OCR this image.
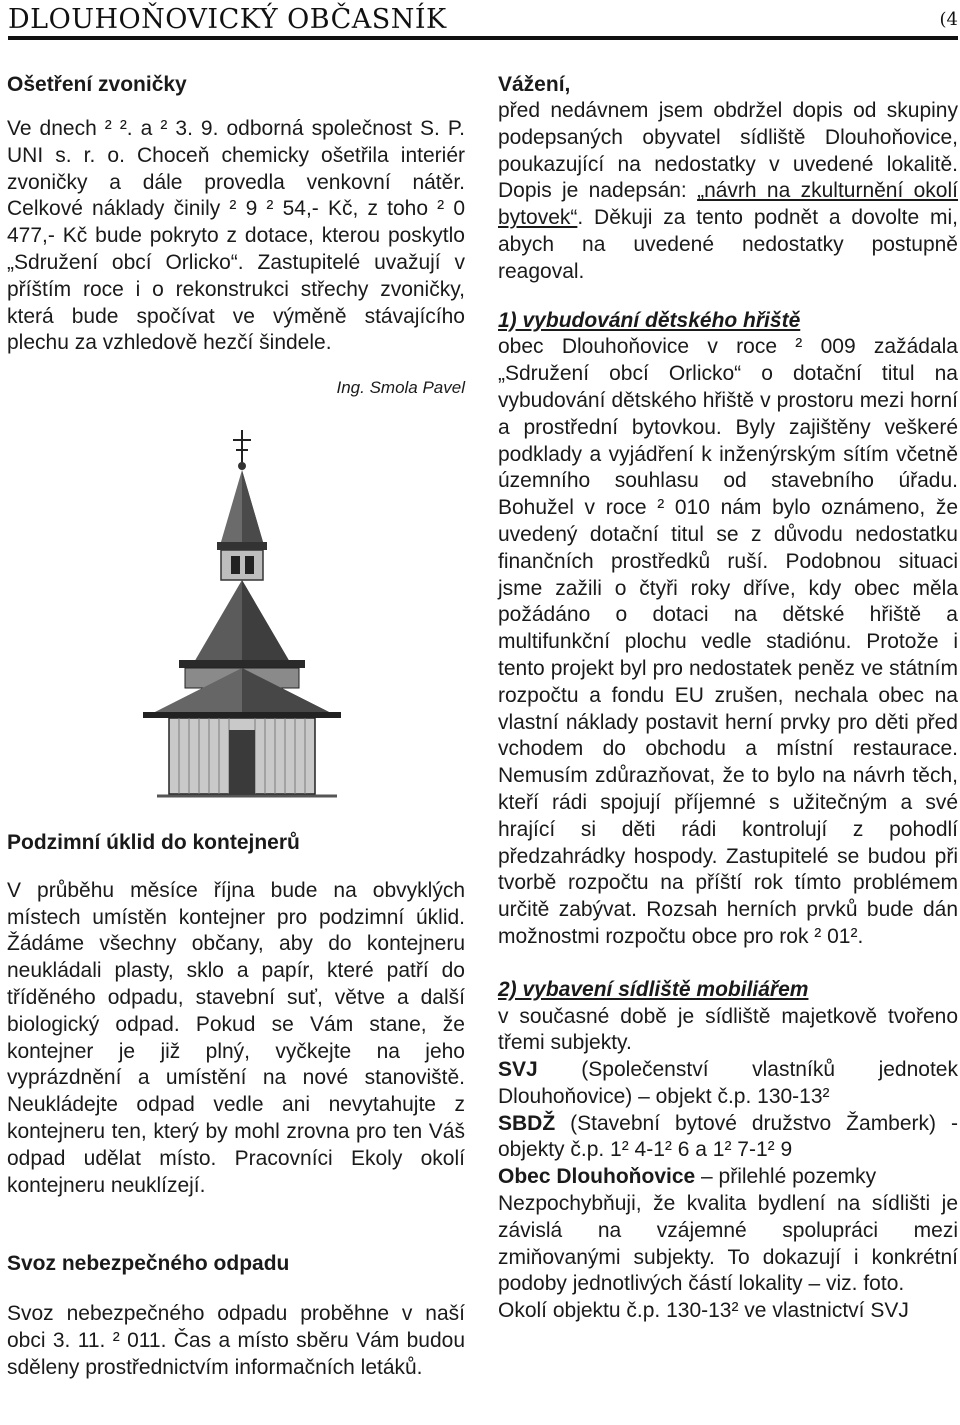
DLOUHOŇOVICKÝ OBČASNÍK	(4
Ošetření zvoničky

Ve dnech ² ². a ² 3. 9. odborná společnost S. P. UNI s. r. o. Choceň chemicky ošetřila interiér zvoničky a dále provedla venkovní nátěr. Celkové náklady činily ² 9 ² 54,- Kč, z toho ² 0 477,- Kč bude pokryto z dotace, kterou poskytlo „Sdružení obcí Orlicko“. Zastupitelé uvažují v příštím roce i o rekonstrukci střechy zvoničky, která bude spočívat ve výměně stávajícího plechu za vzhledově hezčí šindele.

Ing. Smola Pavel
Podzimní úklid do kontejnerů

V průběhu měsíce října bude na obvyklých místech umístěn kontejner pro podzimní úklid. Žádáme všechny občany, aby do kontejneru neukládali plasty, sklo a papír, které patří do tříděného odpadu, stavební suť, větve a další biologický odpad. Pokud se Vám stane, že kontejner je již plný, vyčkejte na jeho vyprázdnění a umístění na nové stanoviště. Neukládejte odpad vedle ani nevytahujte z kontejneru ten, který by mohl zrovna pro ten Váš odpad udělat místo. Pracovníci Ekoly okolí kontejneru neuklízejí.

Svoz nebezpečného odpadu

Svoz nebezpečného odpadu proběhne v naší obci 3. 11. ² 011. Čas a místo sběru Vám budou sděleny prostřednictvím informačních letáků.

Vážení,

před nedávnem jsem obdržel dopis od skupiny podepsaných obyvatel sídliště Dlouhoňovice, poukazující na nedostatky v uvedené lokalitě. Dopis je nadepsán: „návrh na zkulturnění okolí bytovek“. Děkuji za tento podnět a dovolte mi, abych na uvedené nedostatky postupně reagoval.

1) vybudování dětského hřiště

obec Dlouhoňovice v roce ² 009 zažádala „Sdružení obcí Orlicko“ o dotační titul na vybudování dětského hřiště v prostoru mezi horní a prostřední bytovkou. Byly zajištěny veškeré podklady a vyjádření k inženýrským sítím včetně územního souhlasu od stavebního úřadu. Bohužel v roce ² 010 nám bylo oznámeno, že uvedený dotační titul se z důvodu nedostatku finančních prostředků ruší. Podobnou situaci jsme zažili o čtyři roky dříve, kdy obec měla požádáno o dotaci na dětské hřiště a multifunkční plochu vedle stadiónu. Protože i tento projekt byl pro nedostatek peněz ve státním rozpočtu a fondu EU zrušen, nechala obec na vlastní náklady postavit herní prvky pro děti před vchodem do obchodu a místní restaurace. Nemusím zdůrazňovat, že to bylo na návrh těch, kteří rádi spojují příjemné s užitečným a své hrající si děti rádi kontrolují z pohodlí předzahrádky hospody. Zastupitelé se budou při tvorbě rozpočtu na příští rok tímto problémem určitě zabývat. Rozsah herních prvků bude dán možnostmi rozpočtu obce pro rok ² 01².

2) vybavení sídliště mobiliářem

v současné době je sídliště majetkově tvořeno třemi subjekty.

SVJ (Společenství vlastníků jednotek Dlouhoňovice) – objekt č.p. 130-13²

SBDŽ (Stavební bytové družstvo Žamberk) - objekty č.p. 1² 4-1² 6 a 1² 7-1² 9

Obec Dlouhoňovice – přilehlé pozemky

Nezpochybňuji, že kvalita bydlení na sídlišti je závislá na vzájemné spolupráci mezi zmiňovanými subjekty. To dokazují i konkrétní podoby jednotlivých částí lokality – viz. foto.

Okolí objektu č.p. 130-13² ve vlastnictví SVJ
